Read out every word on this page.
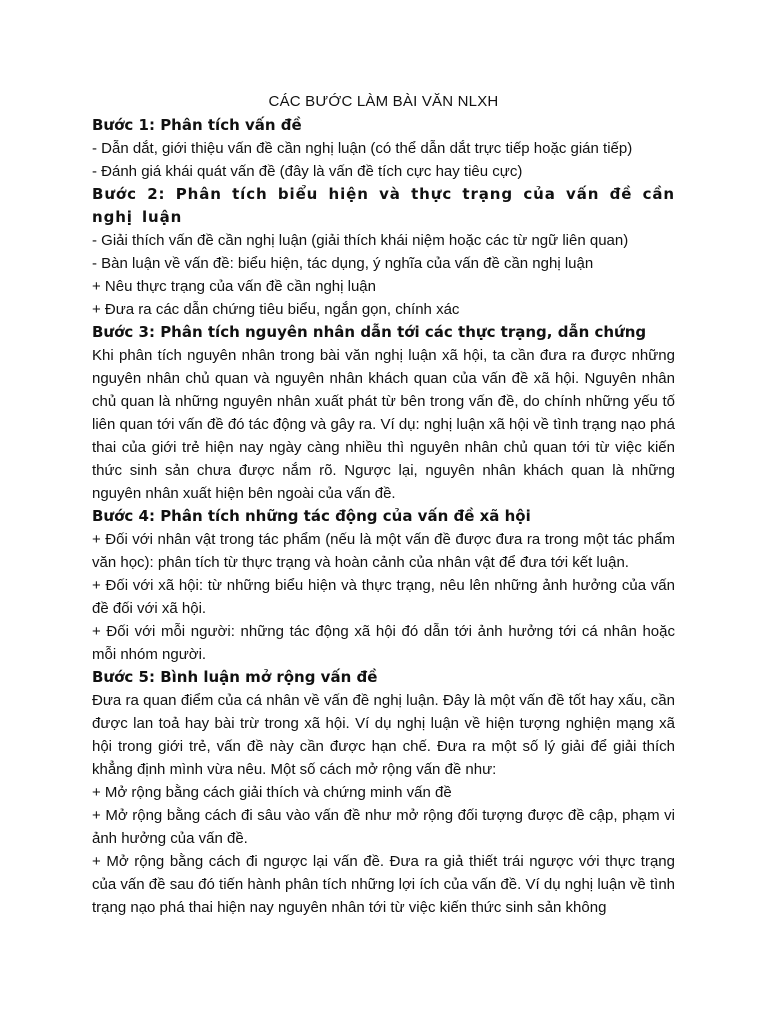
CÁC BƯỚC LÀM BÀI VĂN NLXH
Bước 1: Phân tích vấn đề
- Dẫn dắt, giới thiệu vấn đề cần nghị luận (có thể dẫn dắt trực tiếp hoặc gián tiếp)
- Đánh giá khái quát vấn đề (đây là vấn đề tích cực hay tiêu cực)
Bước 2: Phân tích biểu hiện và thực trạng của vấn đề cần nghị luận
- Giải thích vấn đề cần nghị luận (giải thích khái niệm hoặc các từ ngữ liên quan)
- Bàn luận về vấn đề: biểu hiện, tác dụng, ý nghĩa của vấn đề cần nghị luận
+ Nêu thực trạng của vấn đề cần nghị luận
+ Đưa ra các dẫn chứng tiêu biểu, ngắn gọn, chính xác
Bước 3: Phân tích nguyên nhân dẫn tới các thực trạng, dẫn chứng
Khi phân tích nguyên nhân trong bài văn nghị luận xã hội, ta cần đưa ra được những nguyên nhân chủ quan và nguyên nhân khách quan của vấn đề xã hội. Nguyên nhân chủ quan là những nguyên nhân xuất phát từ bên trong vấn đề, do chính những yếu tố liên quan tới vấn đề đó tác động và gây ra. Ví dụ: nghị luận xã hội về tình trạng nạo phá thai của giới trẻ hiện nay ngày càng nhiều thì nguyên nhân chủ quan tới từ việc kiến thức sinh sản chưa được nắm rõ. Ngược lại, nguyên nhân khách quan là những nguyên nhân xuất hiện bên ngoài của vấn đề.
Bước 4: Phân tích những tác động của vấn đề xã hội
+ Đối với nhân vật trong tác phẩm (nếu là một vấn đề được đưa ra trong một tác phẩm văn học): phân tích từ thực trạng và hoàn cảnh của nhân vật để đưa tới kết luận.
+ Đối với xã hội: từ những biểu hiện và thực trạng, nêu lên những ảnh hưởng của vấn đề đối với xã hội.
+ Đối với mỗi người: những tác động xã hội đó dẫn tới ảnh hưởng tới cá nhân hoặc mỗi nhóm người.
Bước 5: Bình luận mở rộng vấn đề
Đưa ra quan điểm của cá nhân về vấn đề nghị luận. Đây là một vấn đề tốt hay xấu, cần được lan toả hay bài trừ trong xã hội. Ví dụ nghị luận về hiện tượng nghiện mạng xã hội trong giới trẻ, vấn đề này cần được hạn chế. Đưa ra một số lý giải để giải thích khẳng định mình vừa nêu. Một số cách mở rộng vấn đề như:
+ Mở rộng bằng cách giải thích và chứng minh vấn đề
+ Mở rộng bằng cách đi sâu vào vấn đề như mở rộng đối tượng được đề cập, phạm vi ảnh hưởng của vấn đề.
+ Mở rộng bằng cách đi ngược lại vấn đề. Đưa ra giả thiết trái ngược với thực trạng của vấn đề sau đó tiến hành phân tích những lợi ích của vấn đề. Ví dụ nghị luận về tình trạng nạo phá thai hiện nay nguyên nhân tới từ việc kiến thức sinh sản không
